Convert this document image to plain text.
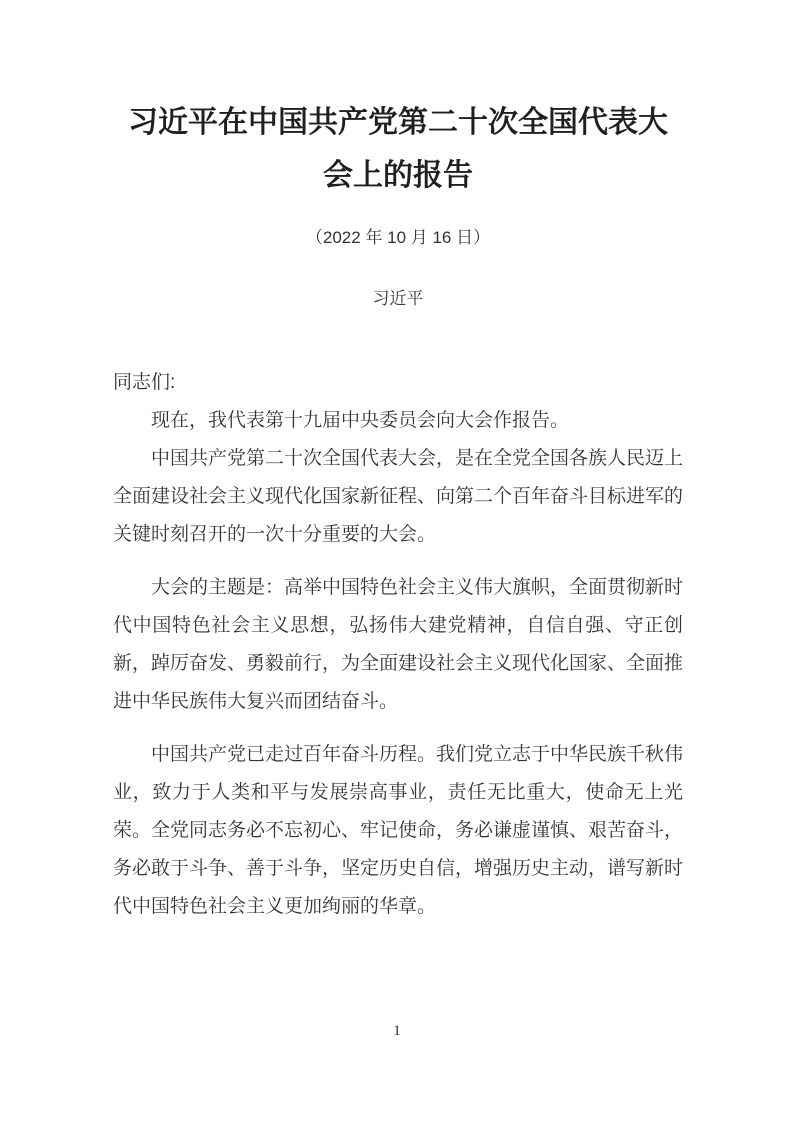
习近平在中国共产党第二十次全国代表大会上的报告
（2022 年 10 月 16 日）
习近平

同志们:

现在，我代表第十九届中央委员会向大会作报告。

中国共产党第二十次全国代表大会，是在全党全国各族人民迈上全面建设社会主义现代化国家新征程、向第二个百年奋斗目标进军的关键时刻召开的一次十分重要的大会。

大会的主题是：高举中国特色社会主义伟大旗帜，全面贯彻新时代中国特色社会主义思想，弘扬伟大建党精神，自信自强、守正创新，踔厉奋发、勇毅前行，为全面建设社会主义现代化国家、全面推进中华民族伟大复兴而团结奋斗。

中国共产党已走过百年奋斗历程。我们党立志于中华民族千秋伟业，致力于人类和平与发展崇高事业，责任无比重大，使命无上光荣。全党同志务必不忘初心、牢记使命，务必谦虚谨慎、艰苦奋斗，务必敢于斗争、善于斗争，坚定历史自信，增强历史主动，谱写新时代中国特色社会主义更加绚丽的华章。

1
